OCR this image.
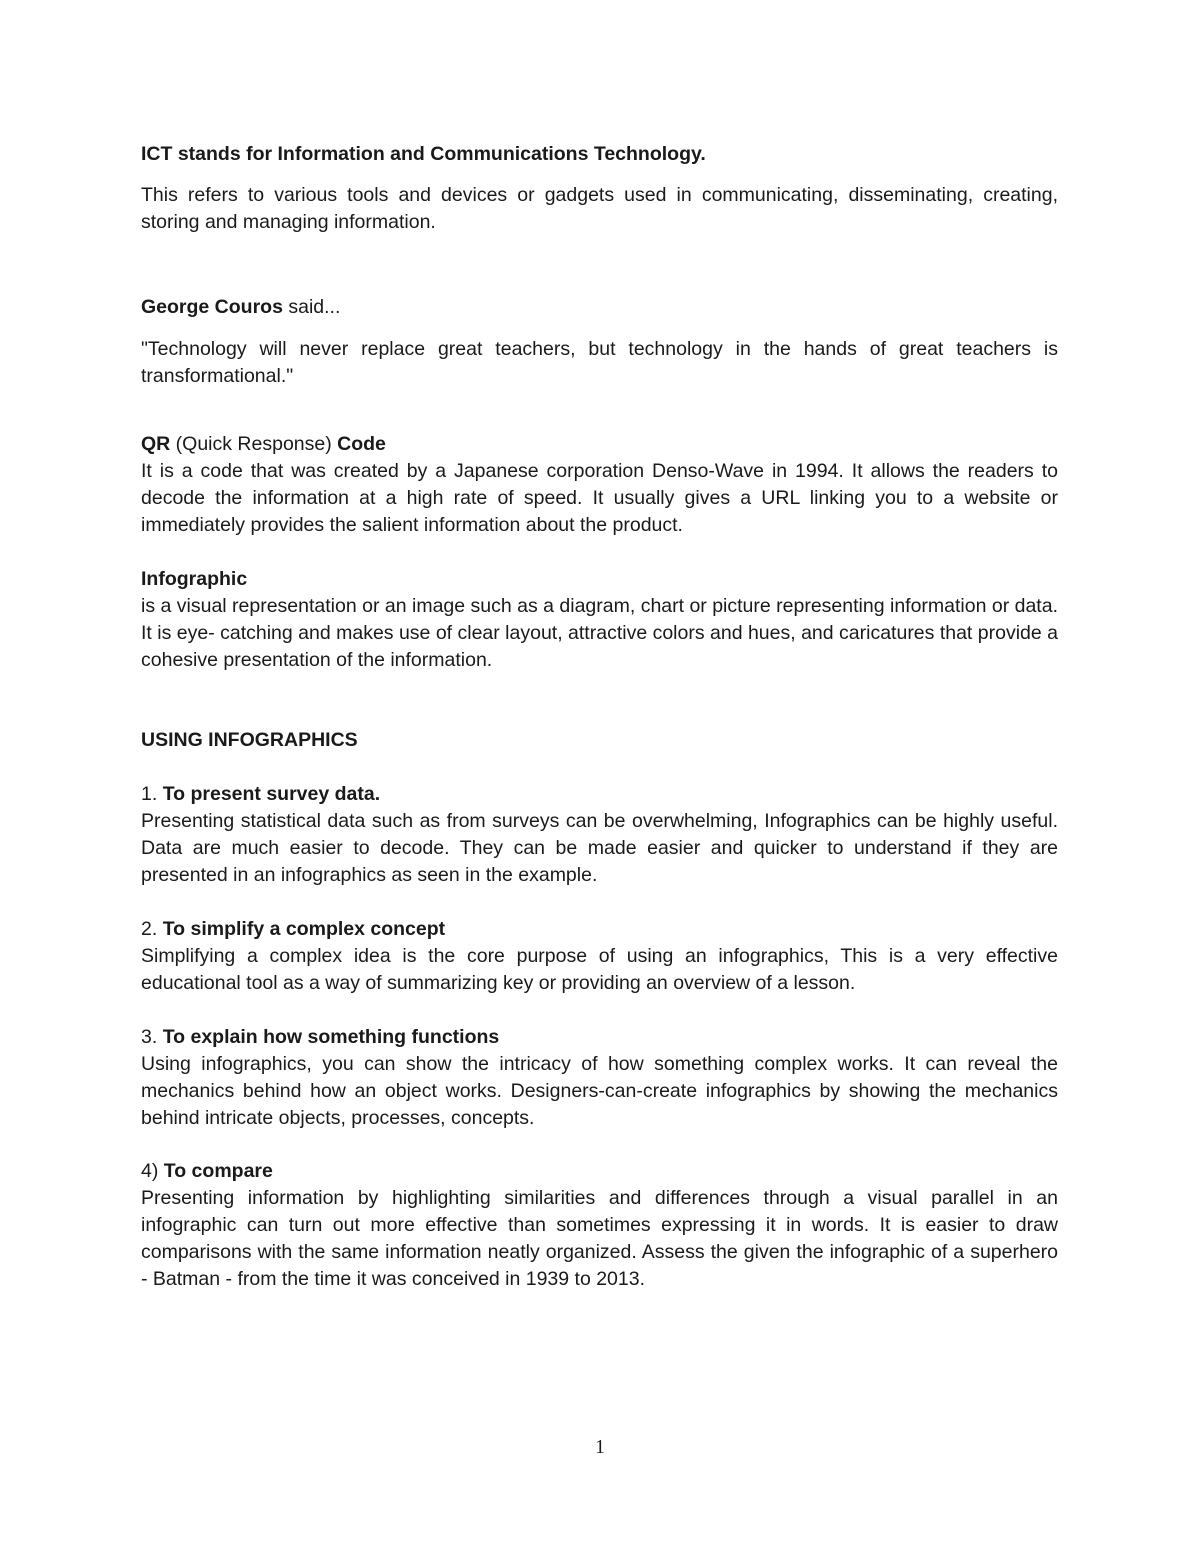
ICT stands for Information and Communications Technology.

This refers to various tools and devices or gadgets used in communicating, disseminating, creating, storing and managing information.

George Couros said...

"Technology will never replace great teachers, but technology in the hands of great teachers is transformational."

QR (Quick Response) Code

It is a code that was created by a Japanese corporation Denso-Wave in 1994. It allows the readers to decode the information at a high rate of speed. It usually gives a URL linking you to a website or immediately provides the salient information about the product.

Infographic

is a visual representation or an image such as a diagram, chart or picture representing information or data. It is eye- catching and makes use of clear layout, attractive colors and hues, and caricatures that provide a cohesive presentation of the information.

USING INFOGRAPHICS

1. To present survey data.

Presenting statistical data such as from surveys can be overwhelming, Infographics can be highly useful. Data are much easier to decode. They can be made easier and quicker to understand if they are presented in an infographics as seen in the example.

2. To simplify a complex concept

Simplifying a complex idea is the core purpose of using an infographics, This is a very effective educational tool as a way of summarizing key or providing an overview of a lesson.

3. To explain how something functions

Using infographics, you can show the intricacy of how something complex works. It can reveal the mechanics behind how an object works. Designers-can-create infographics by showing the mechanics behind intricate objects, processes, concepts.

4) To compare

Presenting information by highlighting similarities and differences through a visual parallel in an infographic can turn out more effective than sometimes expressing it in words. It is easier to draw comparisons with the same information neatly organized. Assess the given the infographic of a superhero - Batman - from the time it was conceived in 1939 to 2013.

1
